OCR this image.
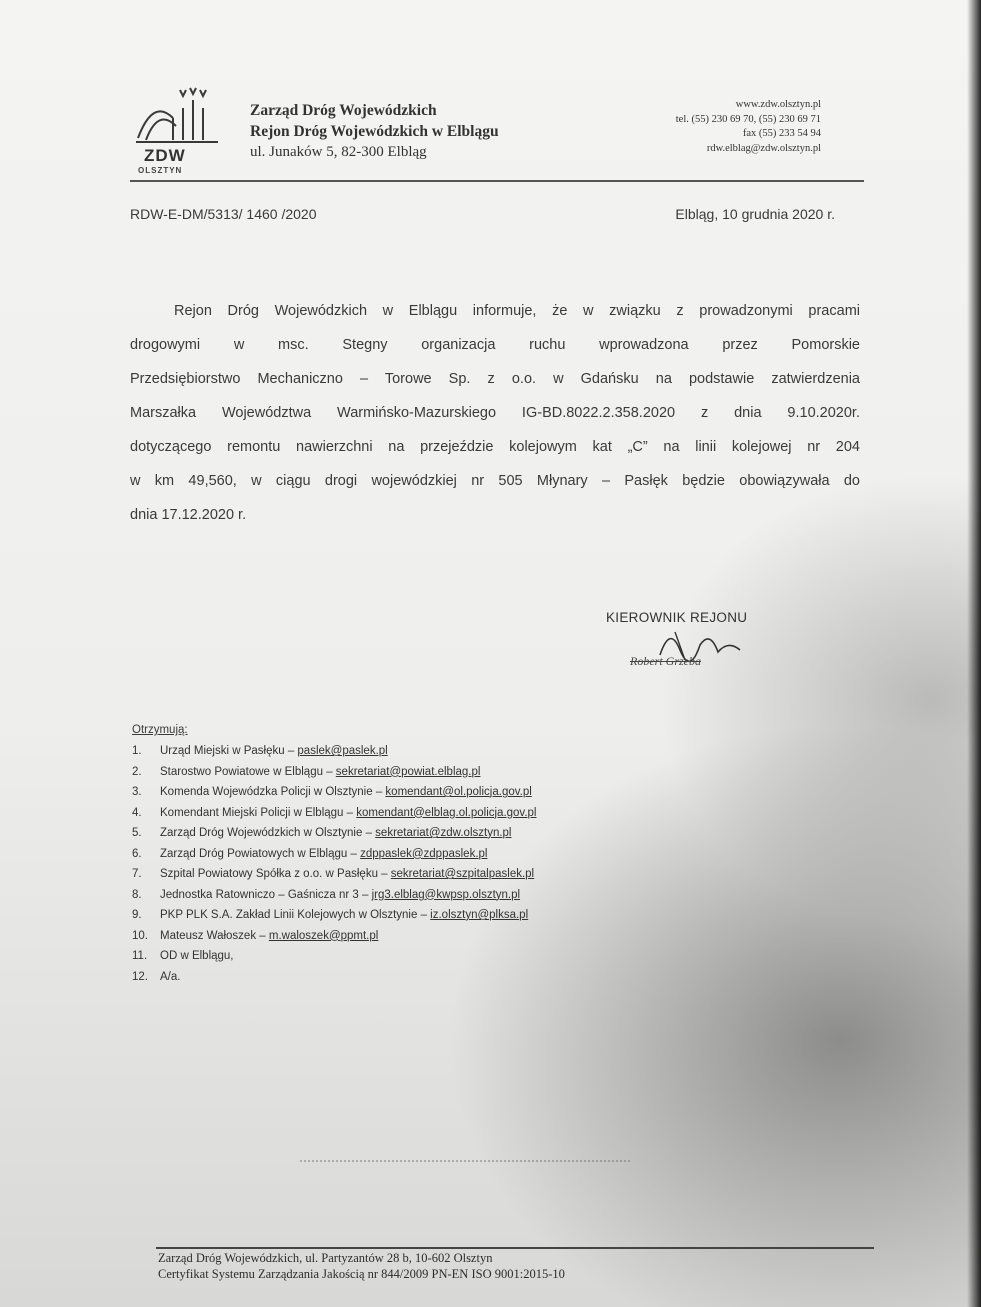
ZDW
OLSZTYN
Zarząd Dróg Wojewódzkich
Rejon Dróg Wojewódzkich w Elblągu
ul. Junaków 5, 82-300 Elbląg
www.zdw.olsztyn.pl
tel. (55) 230 69 70, (55) 230 69 71
fax (55) 233 54 94
rdw.elblag@zdw.olsztyn.pl
RDW-E-DM/5313/ 1460 /2020	Elbląg, 10 grudnia 2020 r.
Rejon Dróg Wojewódzkich w Elblągu informuje, że w związku z prowadzonymi pracami
drogowymi w msc. Stegny organizacja ruchu wprowadzona przez Pomorskie
Przedsiębiorstwo Mechaniczno – Torowe Sp. z o.o. w Gdańsku na podstawie zatwierdzenia
Marszałka Województwa Warmińsko-Mazurskiego IG-BD.8022.2.358.2020 z dnia 9.10.2020r.
dotyczącego remontu nawierzchni na przejeździe kolejowym kat „C” na linii kolejowej nr 204
w km 49,560, w ciągu drogi wojewódzkiej nr 505 Młynary – Pasłęk będzie obowiązywała do
dnia 17.12.2020 r.
KIEROWNIK REJONU
Robert Grzeba
Otrzymują:
1. Urząd Miejski w Pasłęku – paslek@paslek.pl
2. Starostwo Powiatowe w Elblągu – sekretariat@powiat.elblag.pl
3. Komenda Wojewódzka Policji w Olsztynie – komendant@ol.policja.gov.pl
4. Komendant Miejski Policji w Elblągu – komendant@elblag.ol.policja.gov.pl
5. Zarząd Dróg Wojewódzkich w Olsztynie – sekretariat@zdw.olsztyn.pl
6. Zarząd Dróg Powiatowych w Elblągu – zdppaslek@zdppaslek.pl
7. Szpital Powiatowy Spółka z o.o. w Pasłęku – sekretariat@szpitalpaslek.pl
8. Jednostka Ratowniczo – Gaśnicza nr 3 – jrg3.elblag@kwpsp.olsztyn.pl
9. PKP PLK S.A. Zakład Linii Kolejowych w Olsztynie – iz.olsztyn@plksa.pl
10. Mateusz Wałoszek – m.waloszek@ppmt.pl
11. OD w Elblągu,
12. A/a.
Zarząd Dróg Wojewódzkich, ul. Partyzantów 28 b, 10-602 Olsztyn
Certyfikat Systemu Zarządzania Jakością nr 844/2009 PN-EN ISO 9001:2015-10
